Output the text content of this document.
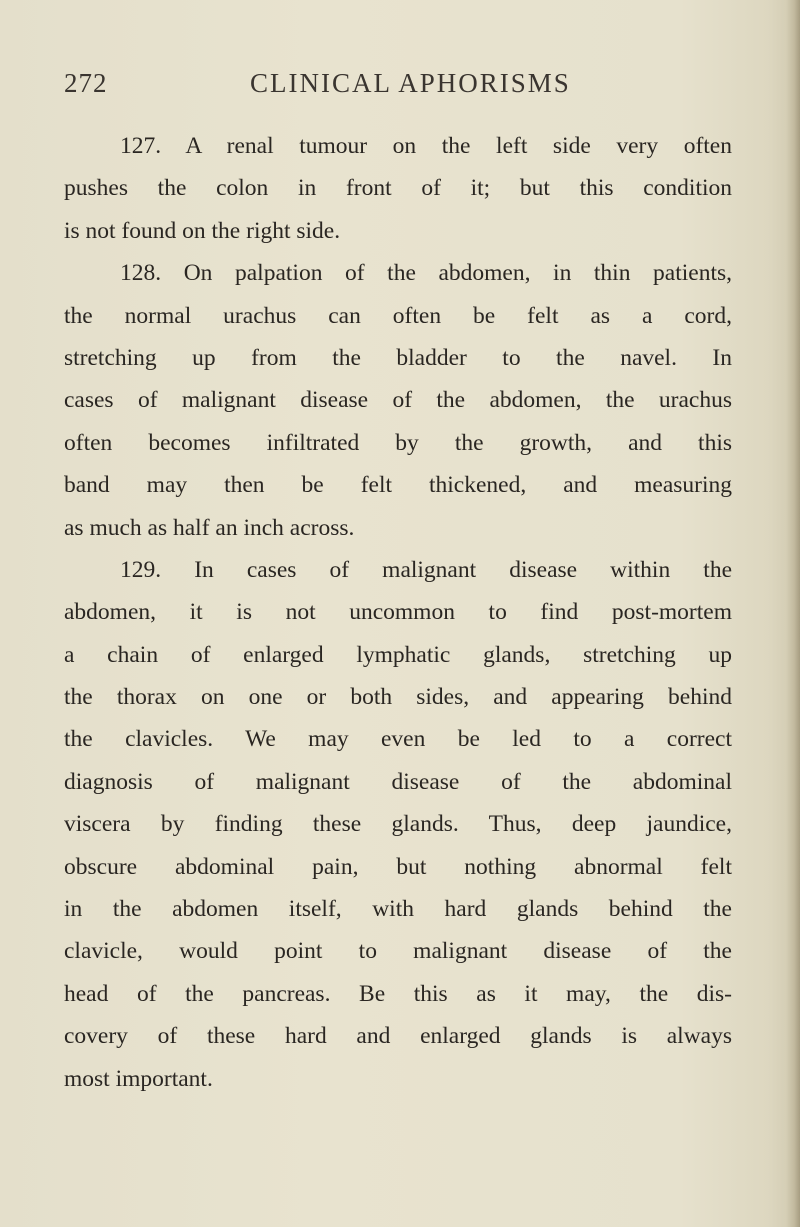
272	CLINICAL APHORISMS
127. A renal tumour on the left side very often
pushes the colon in front of it; but this condition
is not found on the right side.
128. On palpation of the abdomen, in thin patients,
the normal urachus can often be felt as a cord,
stretching up from the bladder to the navel. In
cases of malignant disease of the abdomen, the urachus
often becomes infiltrated by the growth, and this
band may then be felt thickened, and measuring
as much as half an inch across.
129. In cases of malignant disease within the
abdomen, it is not uncommon to find post-mortem
a chain of enlarged lymphatic glands, stretching up
the thorax on one or both sides, and appearing behind
the clavicles. We may even be led to a correct
diagnosis of malignant disease of the abdominal
viscera by finding these glands. Thus, deep jaundice,
obscure abdominal pain, but nothing abnormal felt
in the abdomen itself, with hard glands behind the
clavicle, would point to malignant disease of the
head of the pancreas. Be this as it may, the dis-
covery of these hard and enlarged glands is always
most important.
